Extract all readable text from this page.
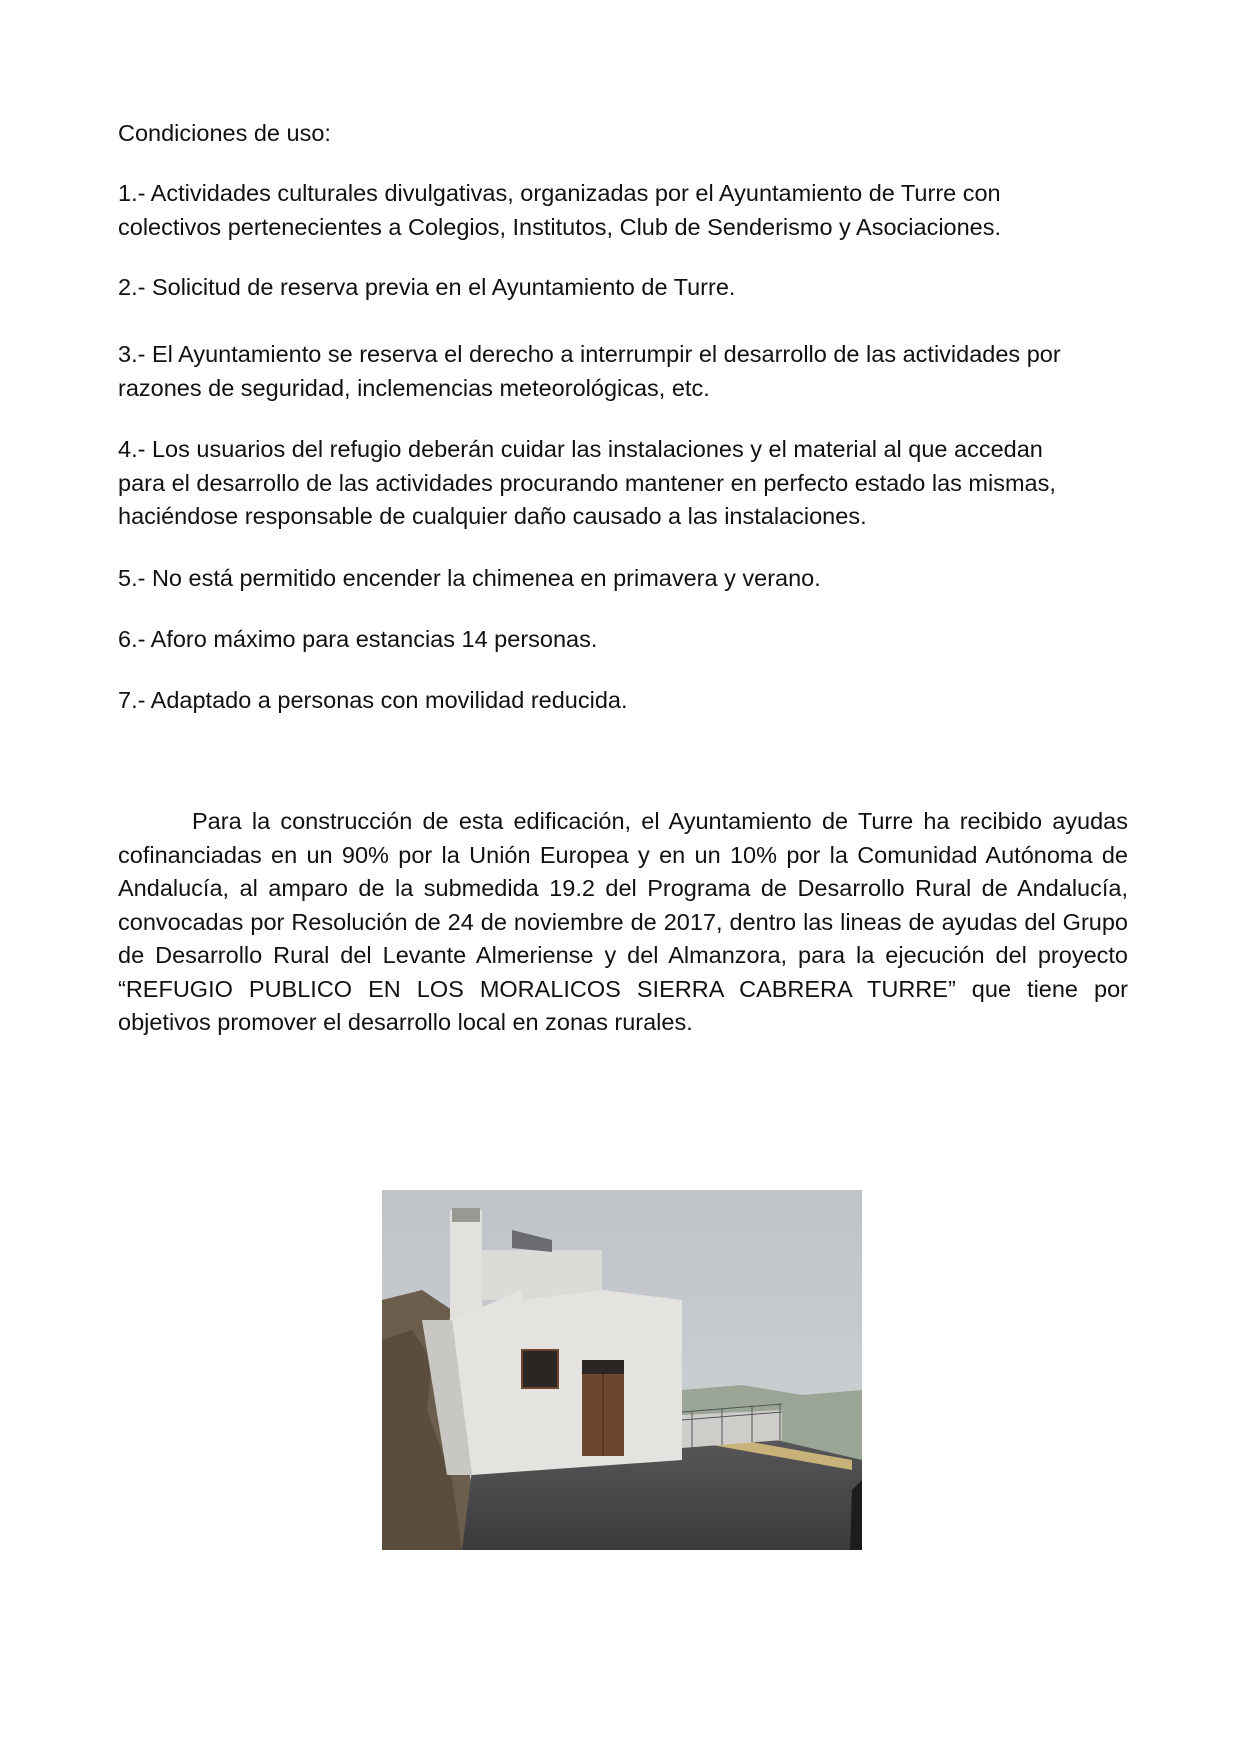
Condiciones de uso:
1.- Actividades culturales divulgativas, organizadas por el Ayuntamiento de Turre con
colectivos pertenecientes a Colegios, Institutos, Club de Senderismo y Asociaciones.
2.- Solicitud de reserva previa en el Ayuntamiento de Turre.
3.- El Ayuntamiento se reserva el derecho a interrumpir el desarrollo de las actividades por
razones de seguridad, inclemencias meteorológicas, etc.
4.- Los usuarios del refugio deberán cuidar las instalaciones y el material al que accedan
para el desarrollo de las actividades procurando mantener en perfecto estado las mismas,
haciéndose responsable de cualquier daño causado a las instalaciones.
5.- No está permitido encender la chimenea en primavera y verano.
6.- Aforo máximo para estancias 14 personas.
7.- Adaptado a personas con movilidad reducida.
Para la construcción de esta edificación, el Ayuntamiento de Turre ha recibido ayudas cofinanciadas en un 90% por la Unión Europea y en un 10% por la Comunidad Autónoma de Andalucía, al amparo de la submedida 19.2 del Programa de Desarrollo Rural de Andalucía, convocadas por Resolución de 24 de noviembre de 2017, dentro las lineas de ayudas del Grupo de Desarrollo Rural del Levante Almeriense y del Almanzora, para la ejecución del proyecto “REFUGIO PUBLICO EN LOS MORALICOS SIERRA CABRERA TURRE” que tiene por objetivos promover el desarrollo local en zonas rurales.
